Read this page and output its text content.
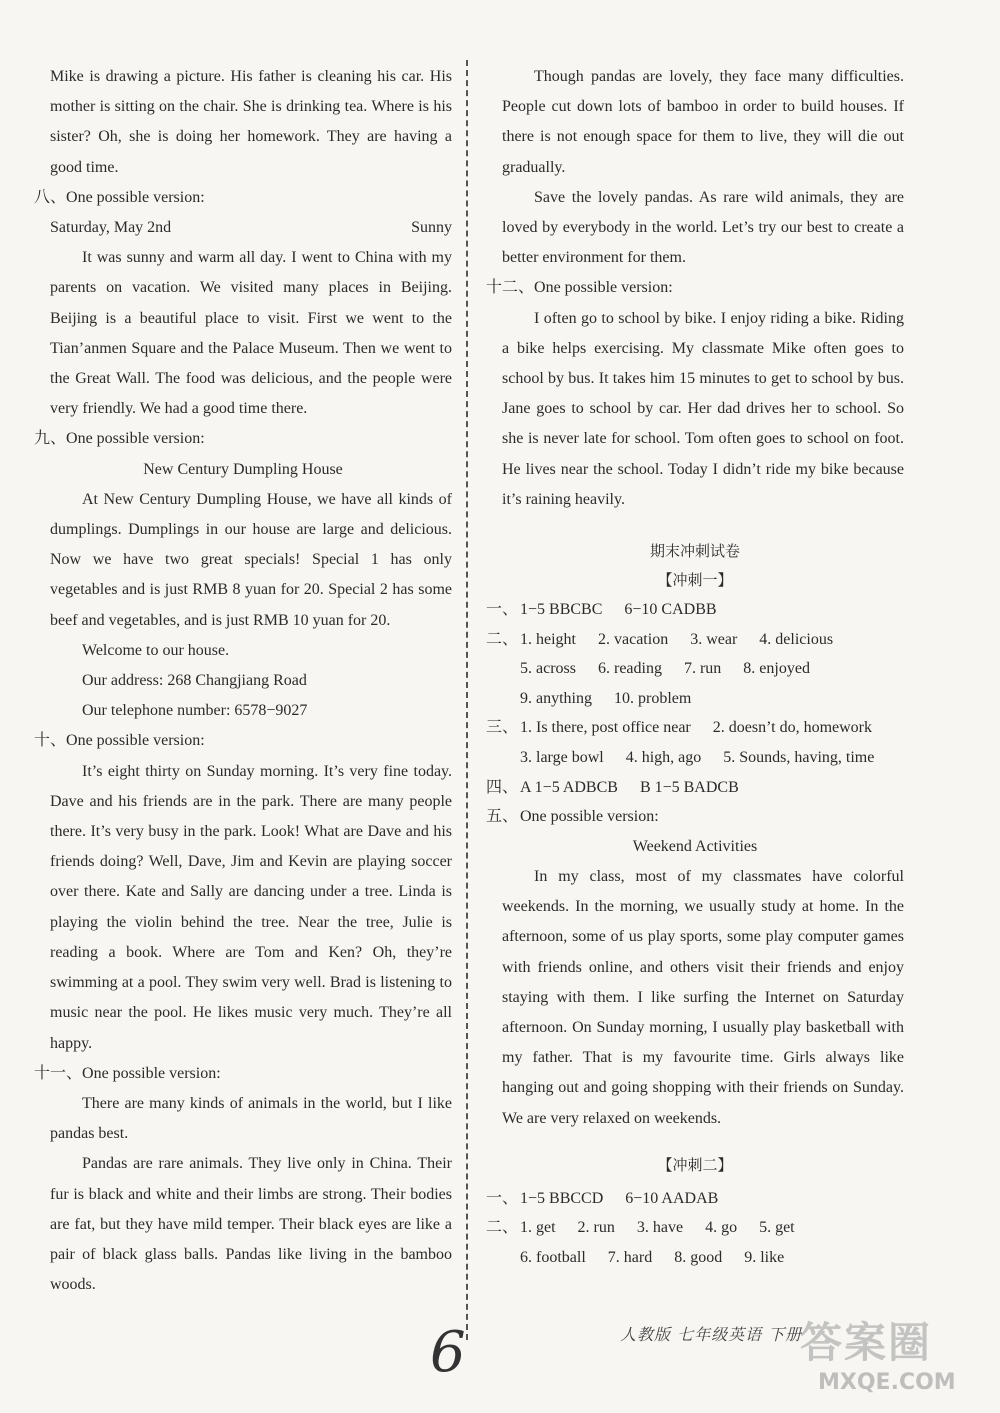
Mike is drawing a picture. His father is cleaning his car. His mother is sitting on the chair. She is drinking tea. Where is his sister? Oh, she is doing her homework. They are having a good time.

八、One possible version:

Saturday, May 2nd	Sunny

It was sunny and warm all day. I went to China with my parents on vacation. We visited many places in Beijing. Beijing is a beautiful place to visit. First we went to the Tian’anmen Square and the Palace Museum. Then we went to the Great Wall. The food was delicious, and the people were very friendly. We had a good time there.

九、One possible version:

New Century Dumpling House

At New Century Dumpling House, we have all kinds of dumplings. Dumplings in our house are large and delicious. Now we have two great specials! Special 1 has only vegetables and is just RMB 8 yuan for 20. Special 2 has some beef and vegetables, and is just RMB 10 yuan for 20.

Welcome to our house.

Our address: 268 Changjiang Road

Our telephone number: 6578−9027

十、One possible version:

It’s eight thirty on Sunday morning. It’s very fine today. Dave and his friends are in the park. There are many people there. It’s very busy in the park. Look! What are Dave and his friends doing? Well, Dave, Jim and Kevin are playing soccer over there. Kate and Sally are dancing under a tree. Linda is playing the violin behind the tree. Near the tree, Julie is reading a book. Where are Tom and Ken? Oh, they’re swimming at a pool. They swim very well. Brad is listening to music near the pool. He likes music very much. They’re all happy.

十一、One possible version:

There are many kinds of animals in the world, but I like pandas best.

Pandas are rare animals. They live only in China. Their fur is black and white and their limbs are strong. Their bodies are fat, but they have mild temper. Their black eyes are like a pair of black glass balls. Pandas like living in the bamboo woods.

Though pandas are lovely, they face many difficulties. People cut down lots of bamboo in order to build houses. If there is not enough space for them to live, they will die out gradually.

Save the lovely pandas. As rare wild animals, they are loved by everybody in the world. Let’s try our best to create a better environment for them.

十二、One possible version:

I often go to school by bike. I enjoy riding a bike. Riding a bike helps exercising. My classmate Mike often goes to school by bus. It takes him 15 minutes to get to school by bus. Jane goes to school by car. Her dad drives her to school. So she is never late for school. Tom often goes to school on foot. He lives near the school. Today I didn’t ride my bike because it’s raining heavily.

期末冲刺试卷
【冲刺一】
一、 1−5 BBCBC 6−10 CADBB
二、 1. height 2. vacation 3. wear 4. delicious
5. across 6. reading 7. run 8. enjoyed
9. anything 10. problem
三、 1. Is there, post office near 2. doesn’t do, homework
3. large bowl 4. high, ago 5. Sounds, having, time
四、 A 1−5 ADBCB B 1−5 BADCB
五、 One possible version:

Weekend Activities

In my class, most of my classmates have colorful weekends. In the morning, we usually study at home. In the afternoon, some of us play sports, some play computer games with friends online, and others visit their friends and enjoy staying with them. I like surfing the Internet on Saturday afternoon. On Sunday morning, I usually play basketball with my father. That is my favourite time. Girls always like hanging out and going shopping with their friends on Sunday. We are very relaxed on weekends.

【冲刺二】
一、 1−5 BBCCD 6−10 AADAB
二、 1. get 2. run 3. have 4. go 5. get
6. football 7. hard 8. good 9. like
6	人教版 七年级英语 下册
答案圈
MXQE.COM
